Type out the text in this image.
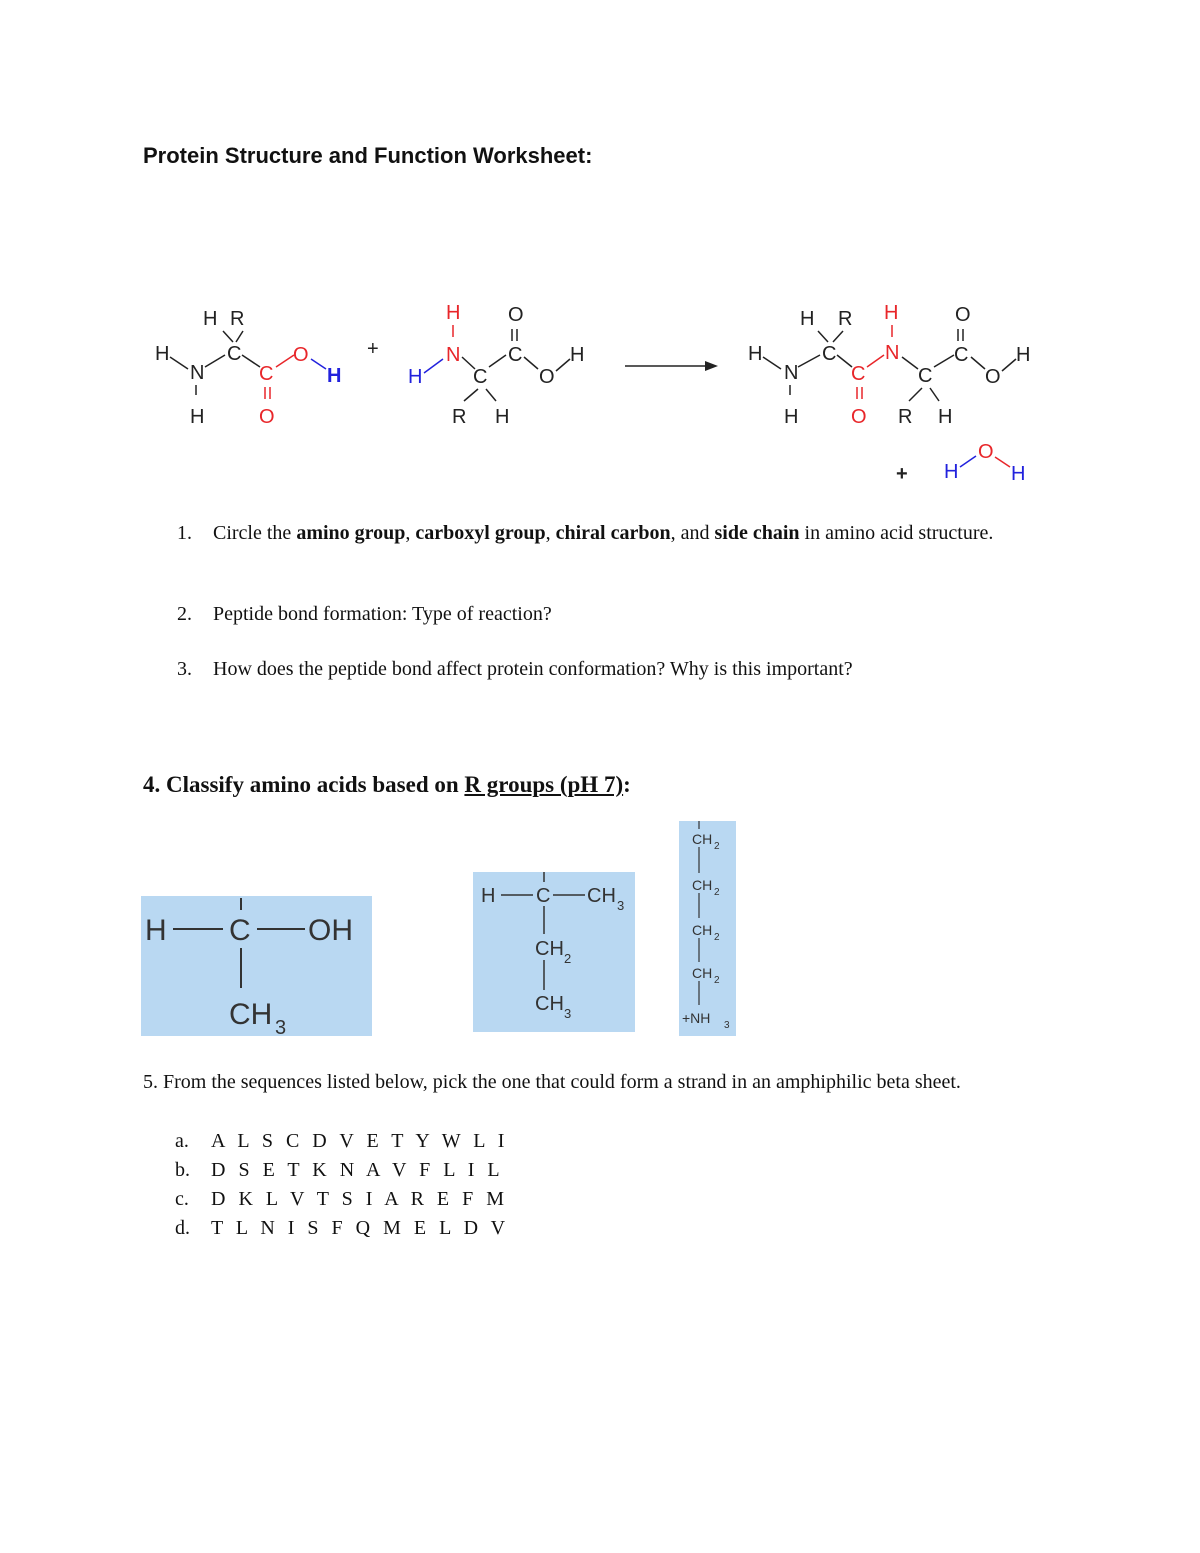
Protein Structure and Function Worksheet:
H R
C
H
N
H
C
O
O
H
+
H
N
H	C
R H
C
O
O
H
H R
C
H
N
H
C
O
H
N
C
R H
C
O
O
H
+ H
O
H
1. Circle the amino group, carboxyl group, chiral carbon, and side chain in amino acid structure.
2. Peptide bond formation: Type of reaction?
3. How does the peptide bond affect protein conformation? Why is this important?
4. Classify amino acids based on R groups (pH 7):
H C OH
CH 3
H C CH 3
CH 2
CH 3
CH 2
CH 2
CH 2
CH 2
+NH 3
5. From the sequences listed below, pick the one that could form a strand in an amphiphilic beta sheet.
a.	A L S C D V E T Y W L I
b.	D S E T K N A V F L I L
c.	D K L V T S I A R E F M
d.	T L N I S F Q M E L D V
